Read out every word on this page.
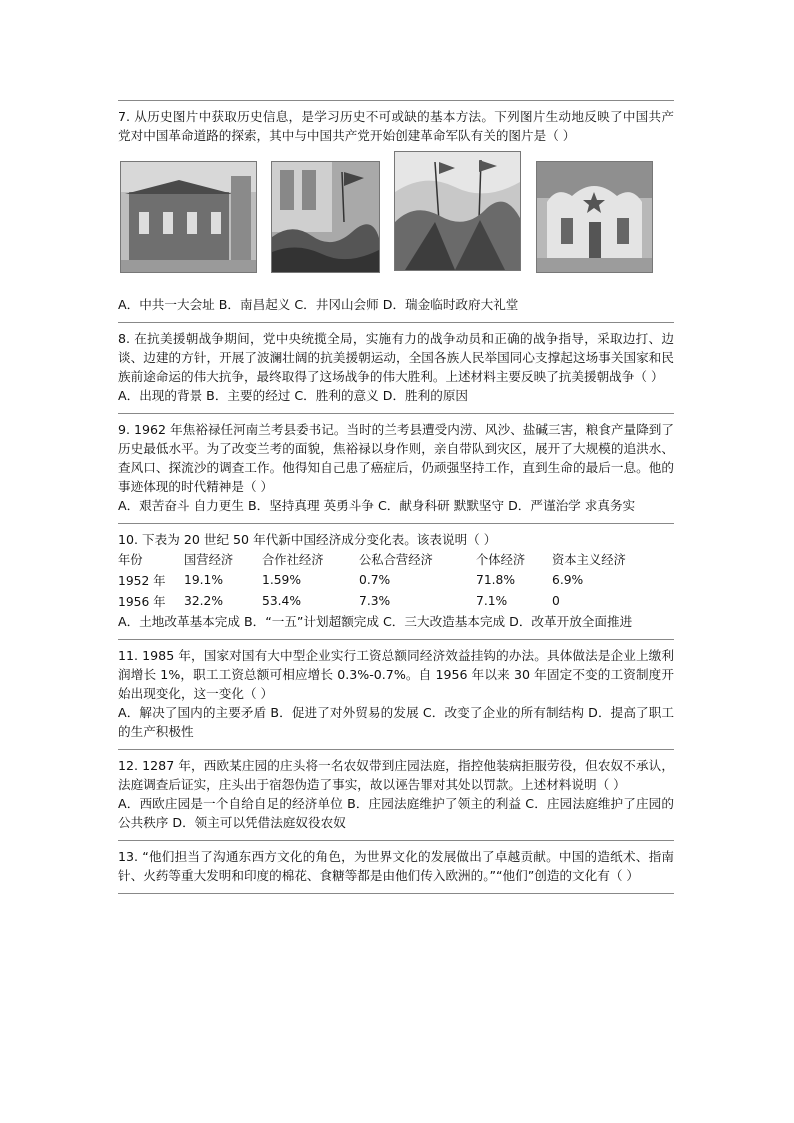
7. 从历史图片中获取历史信息，是学习历史不可或缺的基本方法。下列图片生动地反映了中国共产党对中国革命道路的探索，其中与中国共产党开始创建革命军队有关的图片是（ ）

A．中共一大会址 B．南昌起义 C．井冈山会师 D．瑞金临时政府大礼堂

8. 在抗美援朝战争期间，党中央统揽全局，实施有力的战争动员和正确的战争指导，采取边打、边谈、边建的方针，开展了波澜壮阔的抗美援朝运动，全国各族人民举国同心支撑起这场事关国家和民族前途命运的伟大抗争，最终取得了这场战争的伟大胜利。上述材料主要反映了抗美援朝战争（ ）

A．出现的背景 B．主要的经过 C．胜利的意义 D．胜利的原因

9. 1962 年焦裕禄任河南兰考县委书记。当时的兰考县遭受内涝、风沙、盐碱三害，粮食产量降到了历史最低水平。为了改变兰考的面貌，焦裕禄以身作则，亲自带队到灾区，展开了大规模的追洪水、查风口、探流沙的调查工作。他得知自己患了癌症后，仍顽强坚持工作，直到生命的最后一息。他的事迹体现的时代精神是（ ）

A．艰苦奋斗 自力更生 B．坚持真理 英勇斗争 C．献身科研 默默坚守 D．严谨治学 求真务实

10. 下表为 20 世纪 50 年代新中国经济成分变化表。该表说明（ ）

年份	国营经济	合作社经济	公私合营经济	个体经济	资本主义经济
1952 年	19.1%	1.59%	0.7%	71.8%	6.9%
1956 年	32.2%	53.4%	7.3%	7.1%	0

A．土地改革基本完成 B．“一五”计划超额完成 C．三大改造基本完成 D．改革开放全面推进

11. 1985 年，国家对国有大中型企业实行工资总额同经济效益挂钩的办法。具体做法是企业上缴利润增长 1%，职工工资总额可相应增长 0.3%-0.7%。自 1956 年以来 30 年固定不变的工资制度开始出现变化，这一变化（ ）

A．解决了国内的主要矛盾 B．促进了对外贸易的发展 C．改变了企业的所有制结构 D．提高了职工的生产积极性

12. 1287 年，西欧某庄园的庄头将一名农奴带到庄园法庭，指控他装病拒服劳役，但农奴不承认，法庭调查后证实，庄头出于宿怨伪造了事实，故以诬告罪对其处以罚款。上述材料说明（ ）

A．西欧庄园是一个自给自足的经济单位 B．庄园法庭维护了领主的利益 C．庄园法庭维护了庄园的公共秩序 D．领主可以凭借法庭奴役农奴

13. “他们担当了沟通东西方文化的角色，为世界文化的发展做出了卓越贡献。中国的造纸术、指南针、火药等重大发明和印度的棉花、食糖等都是由他们传入欧洲的。”“他们”创造的文化有（ ）
